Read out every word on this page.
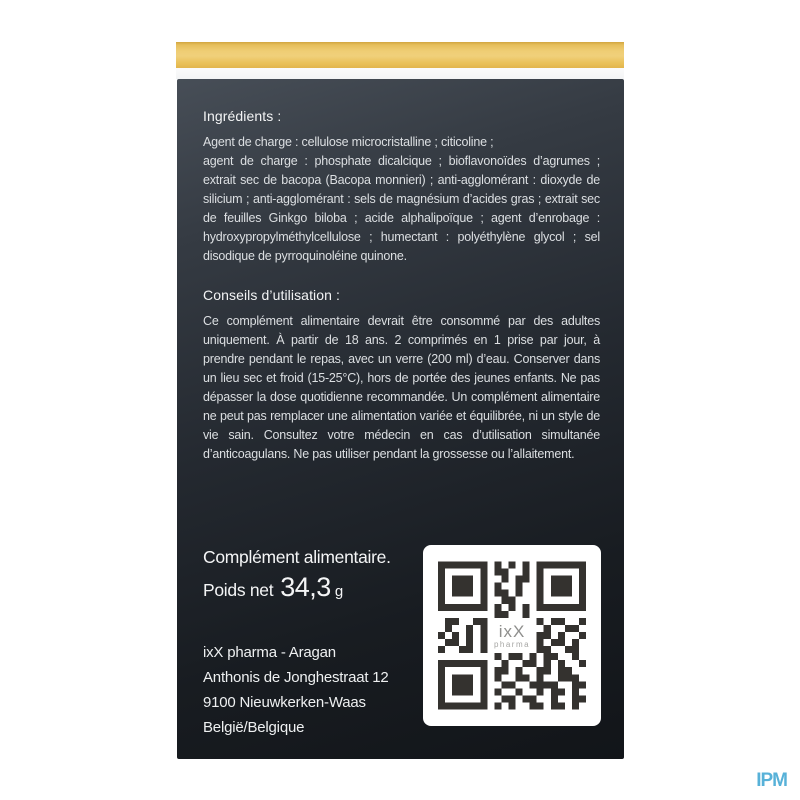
Ingrédients :
Agent de charge : cellulose microcristalline ; citicoline ;
agent de charge : phosphate dicalcique ; bioflavonoïdes d’agrumes ; extrait sec de bacopa (Bacopa monnieri) ; anti-agglomérant : dioxyde de silicium ; anti-agglomérant : sels de magnésium d’acides gras ; extrait sec de feuilles Ginkgo biloba ; acide alphalipoïque ; agent d’enrobage : hydroxypropylméthylcellulose ; humectant : polyéthylène glycol ; sel disodique de pyrroquinoléine quinone.
Conseils d’utilisation :
Ce complément alimentaire devrait être consommé par des adultes uniquement. À partir de 18 ans. 2 comprimés en 1 prise par jour, à prendre pendant le repas, avec un verre (200 ml) d’eau. Conserver dans un lieu sec et froid (15-25°C), hors de portée des jeunes enfants. Ne pas dépasser la dose quotidienne recommandée. Un complément alimentaire ne peut pas remplacer une alimentation variée et équilibrée, ni un style de vie sain. Consultez votre médecin en cas d’utilisation simultanée d’anticoagulans. Ne pas utiliser pendant la grossesse ou l’allaitement.
Complément alimentaire.
Poids net 34,3 g
ixX pharma - Aragan
Anthonis de Jonghestraat 12
9100 Nieuwkerken-Waas
België/Belgique
ixX
pharma
IPM
